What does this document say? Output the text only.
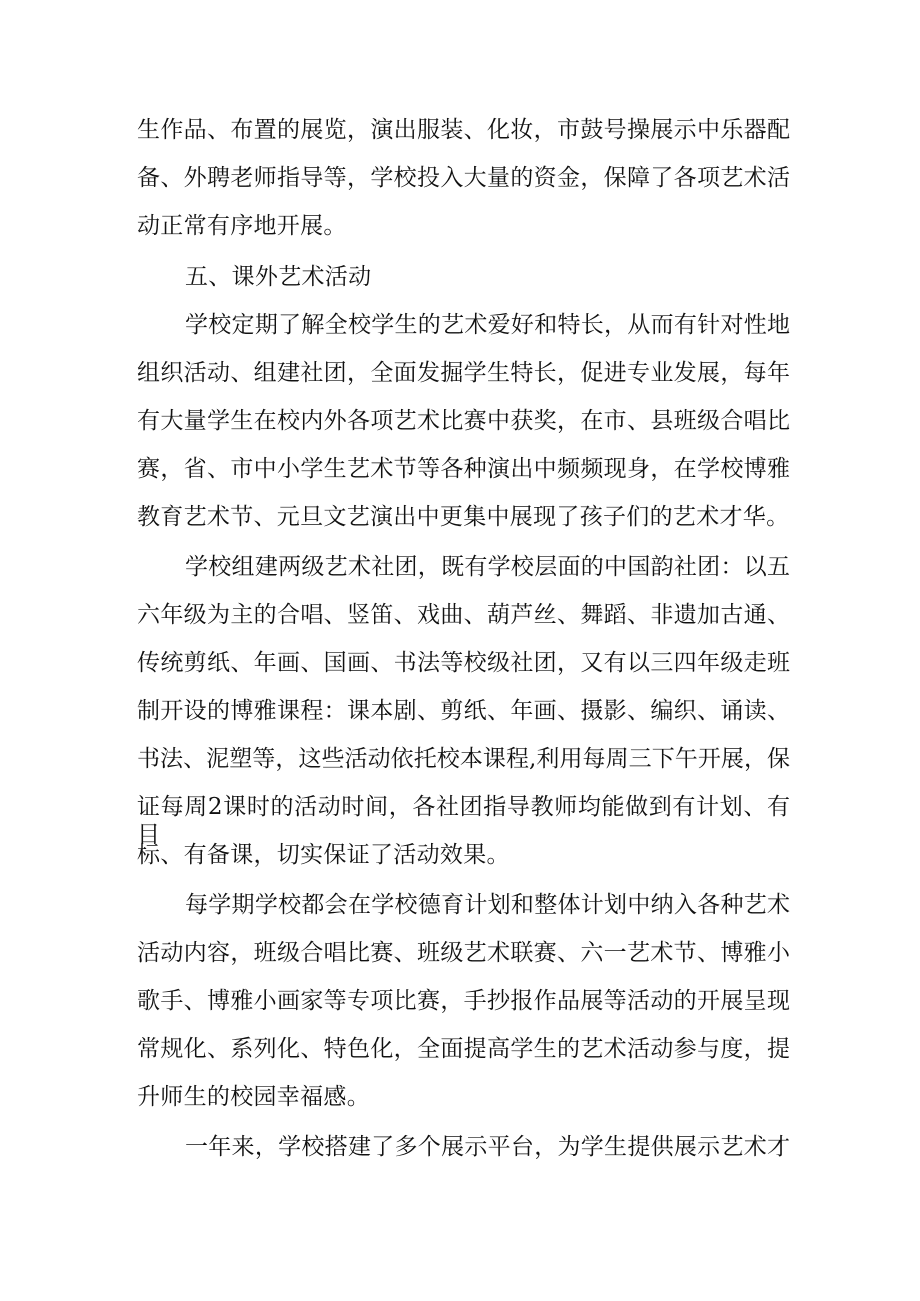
生作品、布置的展览，演出服装、化妆，市鼓号操展示中乐器配
备、外聘老师指导等，学校投入大量的资金，保障了各项艺术活
动正常有序地开展。
五、课外艺术活动
学校定期了解全校学生的艺术爱好和特长，从而有针对性地
组织活动、组建社团，全面发掘学生特长，促进专业发展，每年
有大量学生在校内外各项艺术比赛中获奖，在市、县班级合唱比
赛，省、市中小学生艺术节等各种演出中频频现身，在学校博雅
教育艺术节、元旦文艺演出中更集中展现了孩子们的艺术才华。
学校组建两级艺术社团，既有学校层面的中国韵社团：以五
六年级为主的合唱、竖笛、戏曲、葫芦丝、舞蹈、非遗加古通、
传统剪纸、年画、国画、书法等校级社团，又有以三四年级走班
制开设的博雅课程：课本剧、剪纸、年画、摄影、编织、诵读、
书法、泥塑等，这些活动依托校本课程,利用每周三下午开展，保
证每周2课时的活动时间，各社团指导教师均能做到有计划、有目
标、有备课，切实保证了活动效果。
每学期学校都会在学校德育计划和整体计划中纳入各种艺术
活动内容，班级合唱比赛、班级艺术联赛、六一艺术节、博雅小
歌手、博雅小画家等专项比赛，手抄报作品展等活动的开展呈现
常规化、系列化、特色化，全面提高学生的艺术活动参与度，提
升师生的校园幸福感。
一年来，学校搭建了多个展示平台，为学生提供展示艺术才
